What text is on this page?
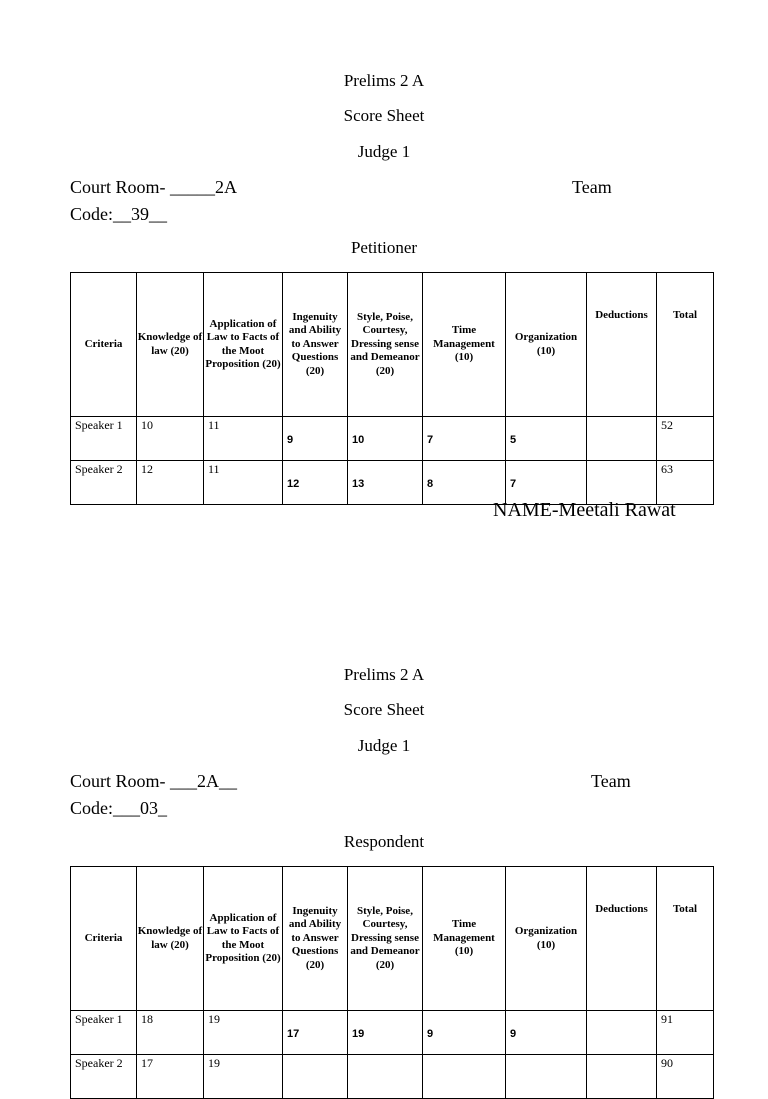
Prelims 2 A
Score Sheet
Judge 1
Court Room- _____2A	Team
Code:__39__
Petitioner
Criteria	Knowledge of law (20)	Application of Law to Facts of the Moot Proposition (20)	Ingenuity and Ability to Answer Questions (20)	Style, Poise, Courtesy, Dressing sense and Demeanor (20)	Time Management (10)	Organization (10)	Deductions	Total
Speaker 1	10	11	9	10	7	5		52
Speaker 2	12	11	12	13	8	7		63
NAME-Meetali Rawat
Prelims 2 A
Score Sheet
Judge 1
Court Room- ___2A__	Team
Code:___03_
Respondent
Criteria	Knowledge of law (20)	Application of Law to Facts of the Moot Proposition (20)	Ingenuity and Ability to Answer Questions (20)	Style, Poise, Courtesy, Dressing sense and Demeanor (20)	Time Management (10)	Organization (10)	Deductions	Total
Speaker 1	18	19	17	19	9	9		91
Speaker 2	17	19						90
